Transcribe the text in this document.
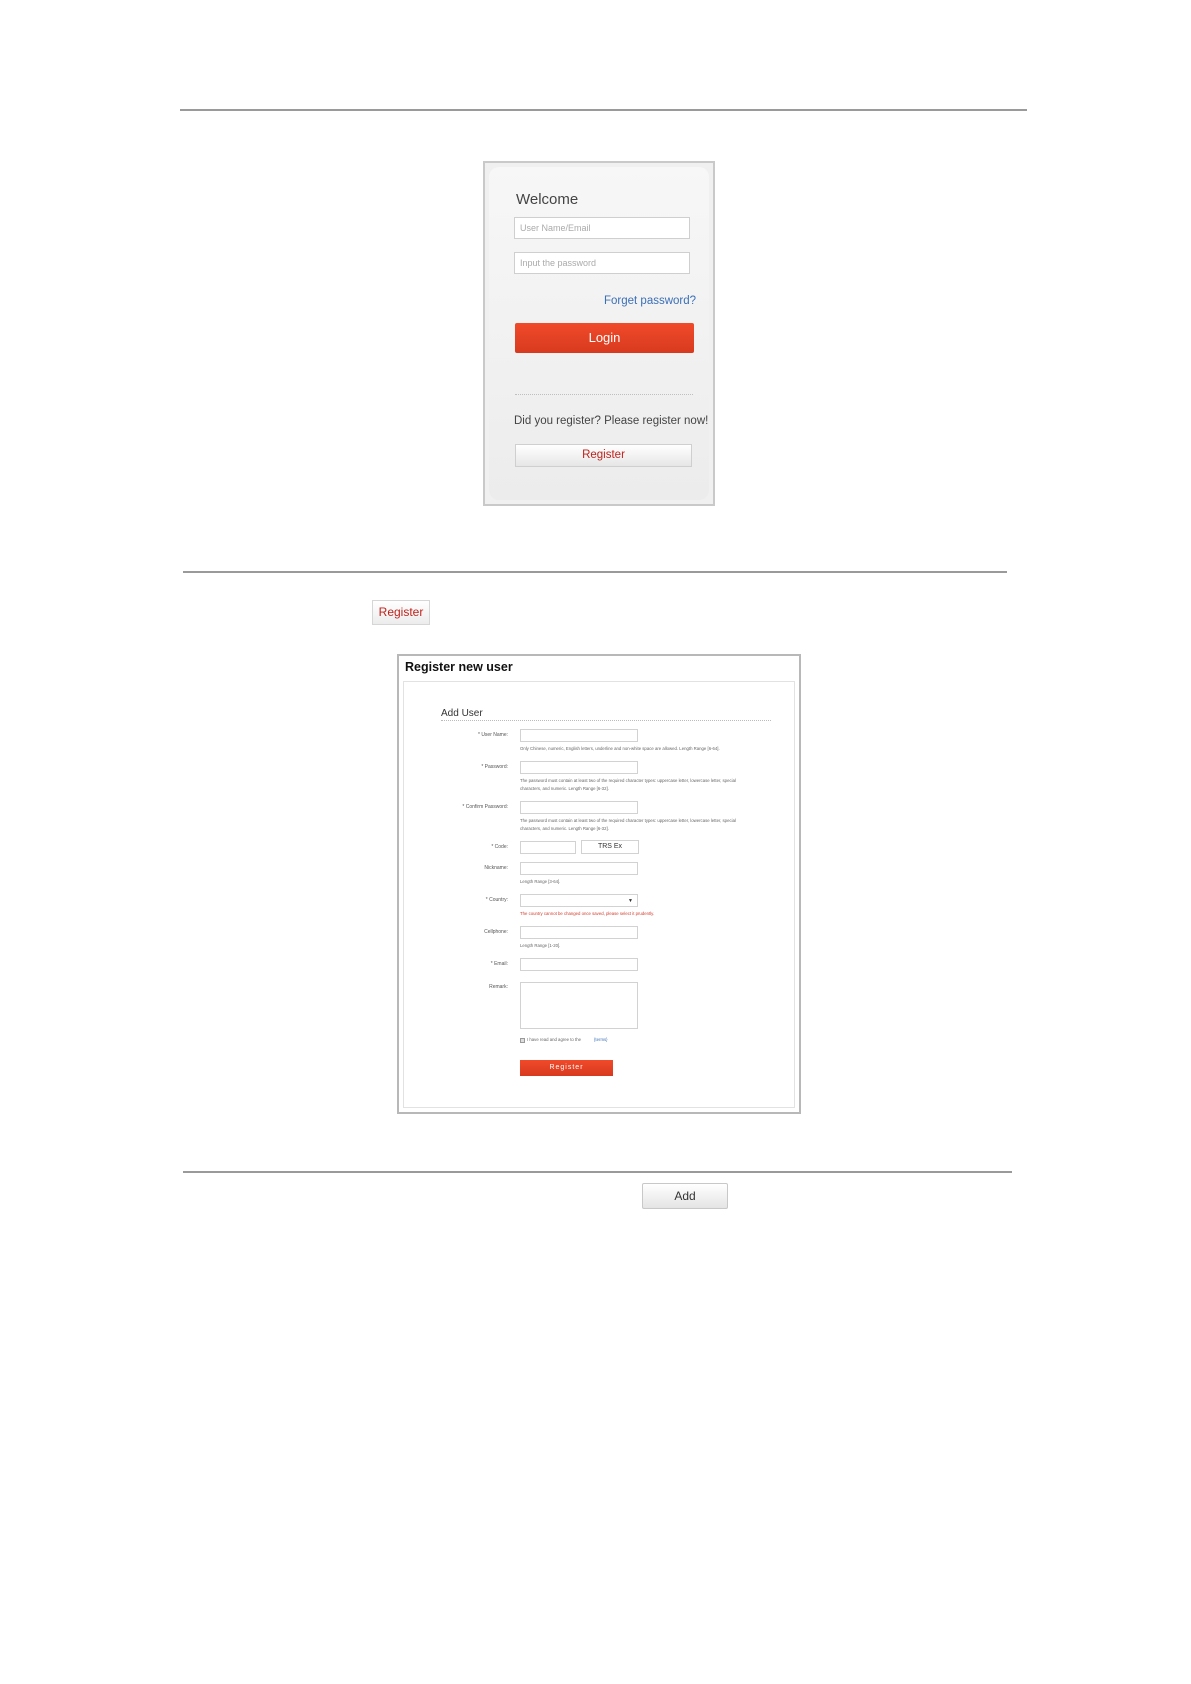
Welcome
User Name/Email
Input the password
Forget password?
Login
Did you register? Please register now!
Register
Register
Register new user
Add User
* User Name:
Only Chinese, numeric, English letters, underline and non-white space are allowed. Length Range [6-64].
* Password:
The password must contain at least two of the required character types: uppercase letter, lowercase letter, special characters, and numeric. Length Range [6-32].
* Confirm Password:
The password must contain at least two of the required character types: uppercase letter, lowercase letter, special characters, and numeric. Length Range [6-32].
* Code:	TRS Ex
Nickname:
Length Range [3-64].
* Country:	▼
The country cannot be changed once saved, please select it prudently.
Cellphone:
Length Range [1-20].
* Email:
Remark:
I have read and agree to the	{terms}
Register
Add
